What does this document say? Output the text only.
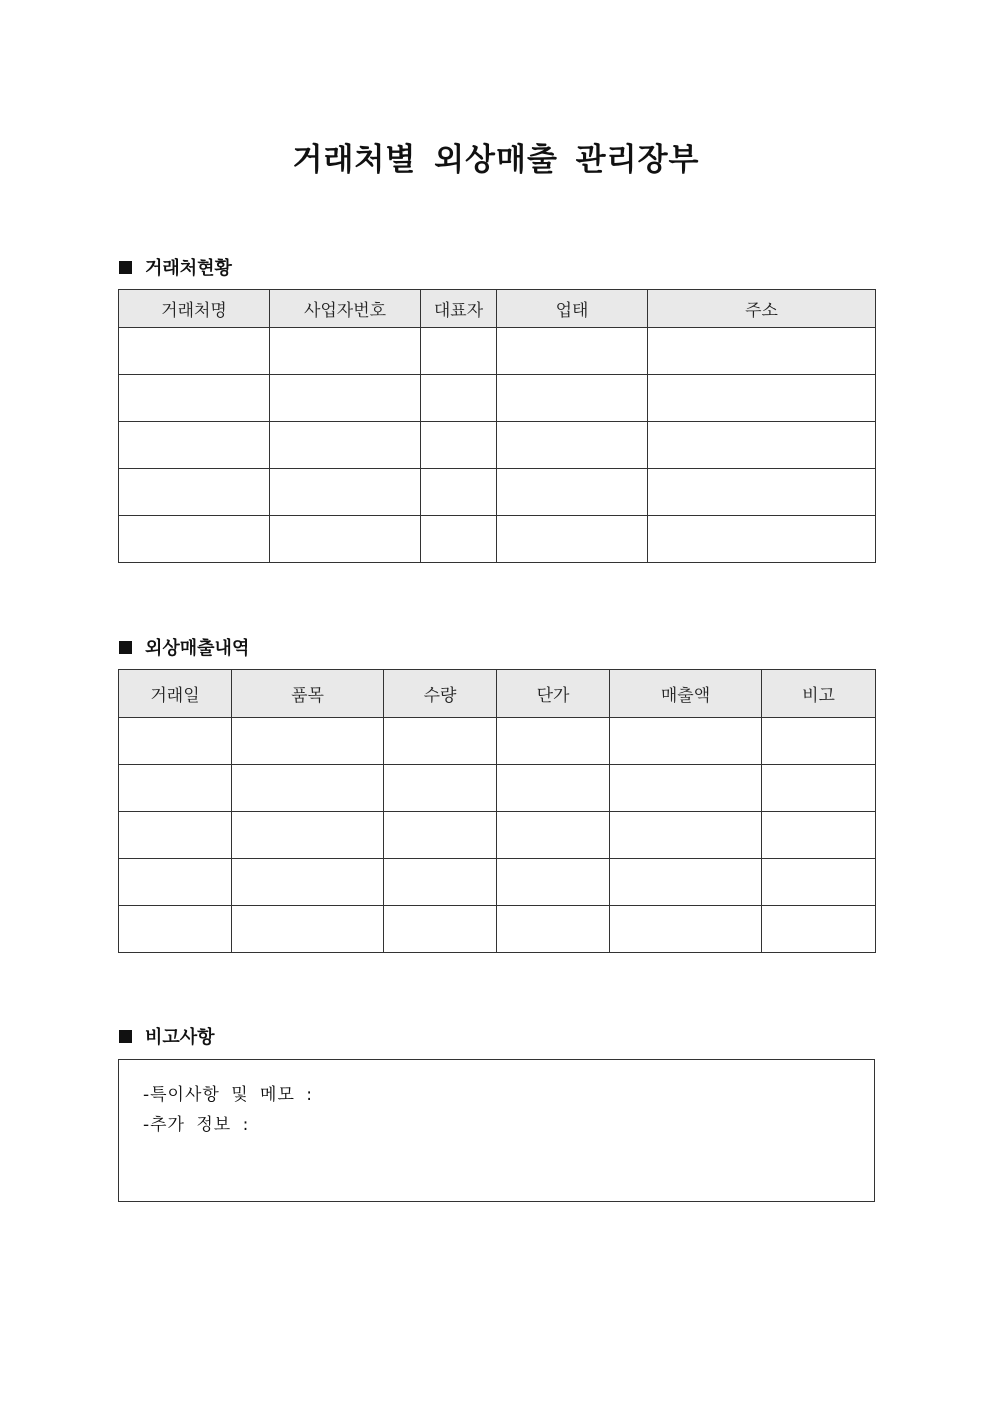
거래처별 외상매출 관리장부
거래처현황
거래처명	사업자번호	대표자	업태	주소

외상매출내역
거래일	품목	수량	단가	매출액	비고

비고사항
-특이사항 및 메모 :
-추가 정보 :
